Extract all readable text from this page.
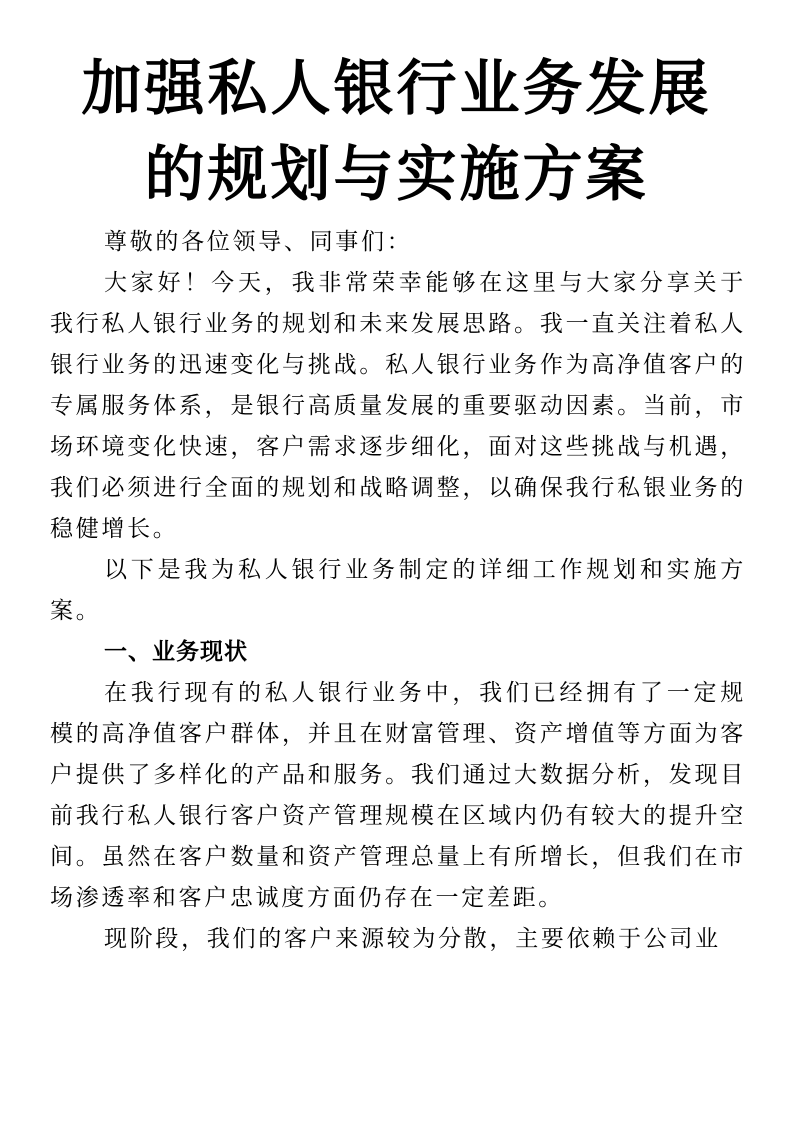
加强私人银行业务发展
的规划与实施方案

尊敬的各位领导、同事们：

大家好！今天，我非常荣幸能够在这里与大家分享关于我行私人银行业务的规划和未来发展思路。我一直关注着私人银行业务的迅速变化与挑战。私人银行业务作为高净值客户的专属服务体系，是银行高质量发展的重要驱动因素。当前，市场环境变化快速，客户需求逐步细化，面对这些挑战与机遇，我们必须进行全面的规划和战略调整，以确保我行私银业务的稳健增长。

以下是我为私人银行业务制定的详细工作规划和实施方案。

一、业务现状

在我行现有的私人银行业务中，我们已经拥有了一定规模的高净值客户群体，并且在财富管理、资产增值等方面为客户提供了多样化的产品和服务。我们通过大数据分析，发现目前我行私人银行客户资产管理规模在区域内仍有较大的提升空间。虽然在客户数量和资产管理总量上有所增长，但我们在市场渗透率和客户忠诚度方面仍存在一定差距。

现阶段，我们的客户来源较为分散，主要依赖于公司业
